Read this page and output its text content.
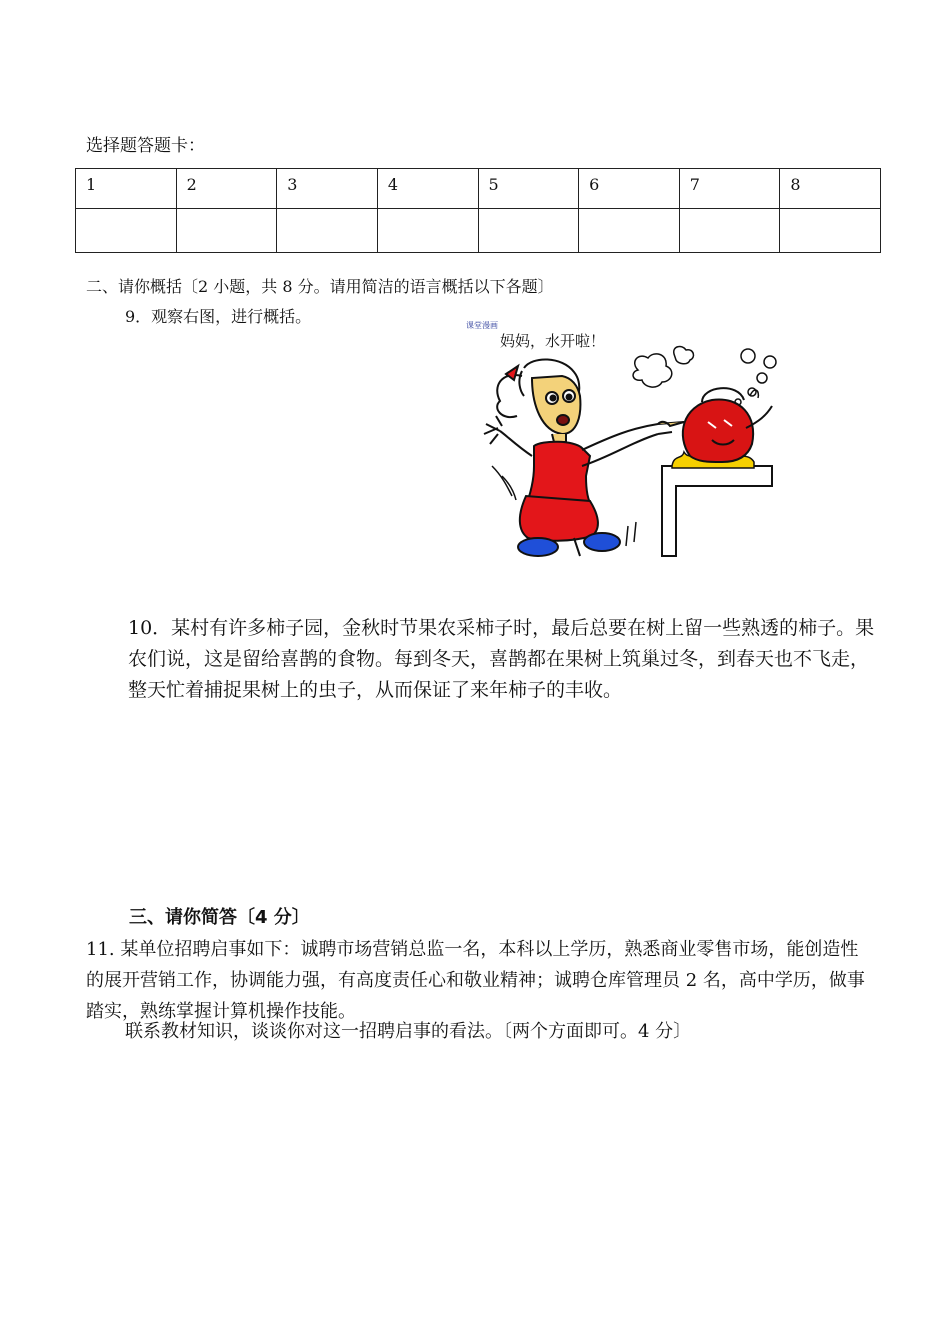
选择题答题卡：
1	2	3	4	5	6	7	8

二、请你概括〔2 小题，共 8 分。请用简洁的语言概括以下各题〕
9．观察右图，进行概括。	课堂漫画
妈妈，水开啦！
10．某村有许多柿子园，金秋时节果农采柿子时，最后总要在树上留一些熟透的柿子。果农们说，这是留给喜鹊的食物。每到冬天，喜鹊都在果树上筑巢过冬，到春天也不飞走，整天忙着捕捉果树上的虫子，从而保证了来年柿子的丰收。
三、请你简答〔4 分〕
11. 某单位招聘启事如下：诚聘市场营销总监一名，本科以上学历，熟悉商业零售市场，能创造性的展开营销工作，协调能力强，有高度责任心和敬业精神；诚聘仓库管理员 2 名，高中学历，做事踏实，熟练掌握计算机操作技能。
联系教材知识，谈谈你对这一招聘启事的看法。〔两个方面即可。4 分〕
